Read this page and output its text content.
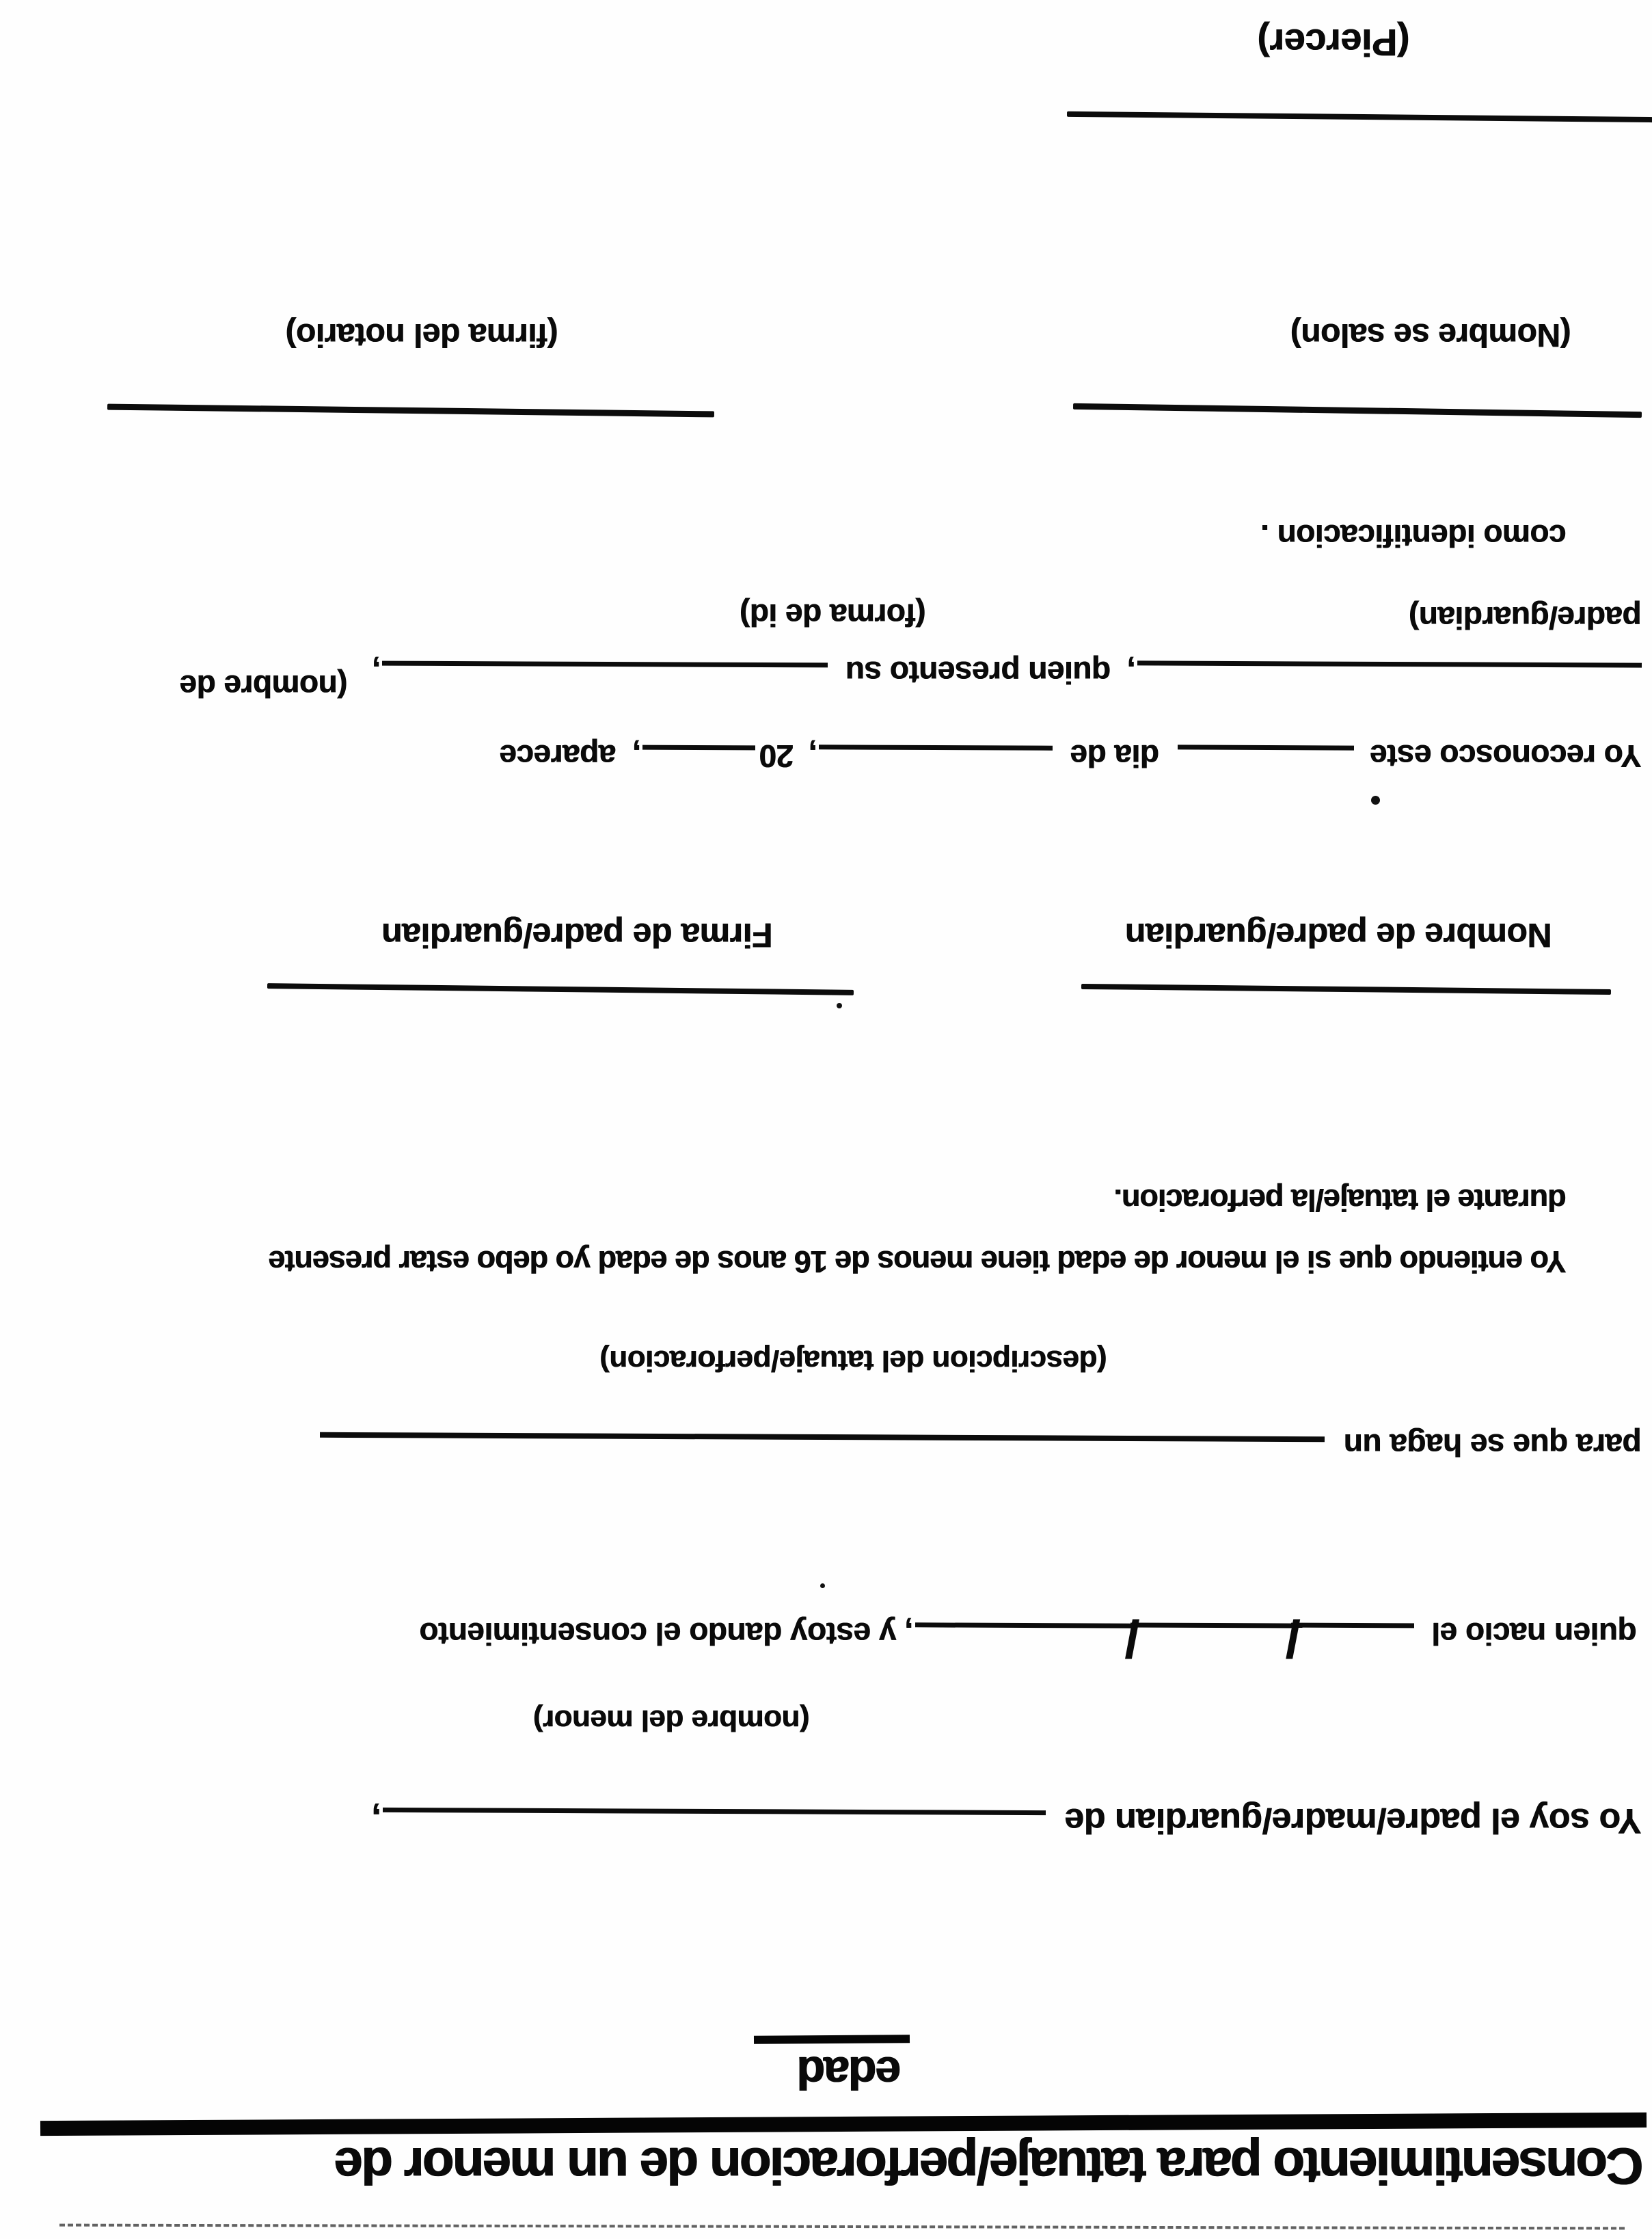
Consentimiento para tatuaje/perforacion de un menor de
edad
Yo soy el padre/madre/guardian de ,
(nombre del menor)
quien nacio el //, y estoy dando el consentimiento
para que se haga un
(descripcion del tatuaje/perforacion)
Yo entiendo que si el menor de edad tiene menos de 16 anos de edad yo debo estar presente
durante el tatuaje/la perforacion.
Nombre de padre/guardian
Firma de padre/guardian
Yo reconosco este  dia de , 20, aparece
, quien presento su , (nombre de
padre/guardian)
(forma de id)
como identificacion .
(Nombre se salon)
(firma del notario)
(Piercer)
